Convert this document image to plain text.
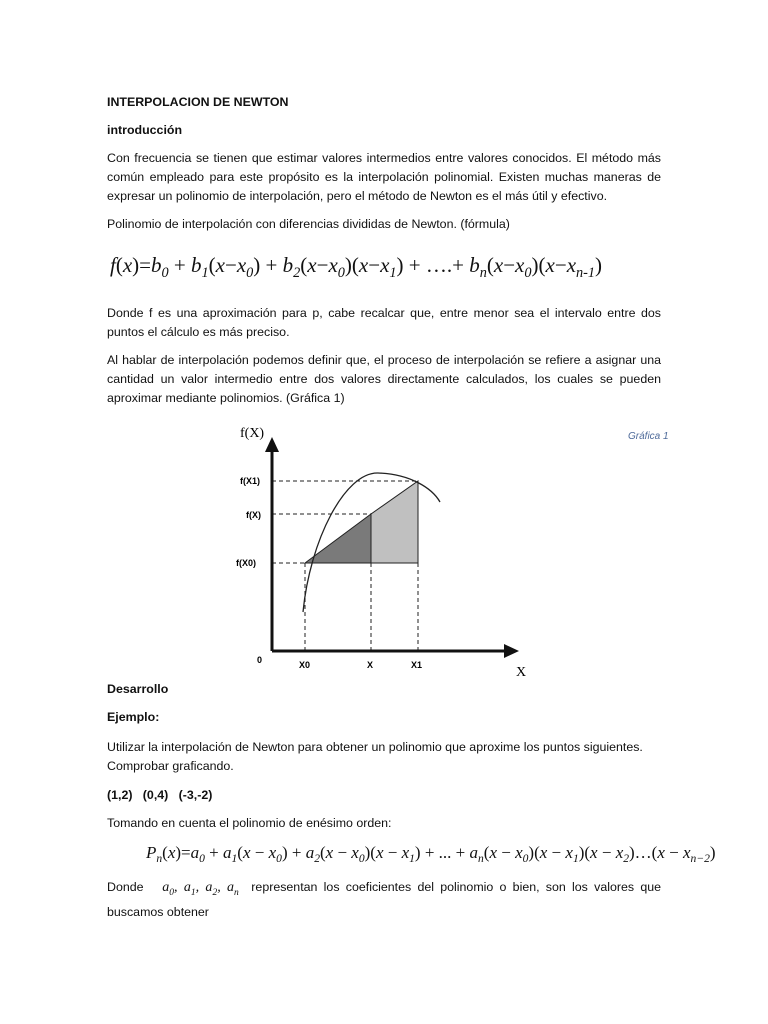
INTERPOLACION DE NEWTON

introducción

Con frecuencia se tienen que estimar valores intermedios entre valores conocidos. El método más común empleado para este propósito es la interpolación polinomial. Existen muchas maneras de expresar un polinomio de interpolación, pero el método de Newton es el más útil y efectivo.

Polinomio de interpolación con diferencias divididas de Newton. (fórmula)

$f(x)=b_0 + b_1(x-x_0) + b_2(x-x_0)(x-x_1)$ + ….+ $b_n(x-x_0)(x-x_{n-1})$

Donde f es una aproximación para p, cabe recalcar que, entre menor sea el intervalo entre dos puntos el cálculo es más preciso.

Al hablar de interpolación podemos definir que, el proceso de interpolación se refiere a asignar una cantidad un valor intermedio entre dos valores directamente calculados, los cuales se pueden aproximar mediante polinomios. (Gráfica 1)

f(X)
X
Gráfica 1
f(X1)
f(X)
f(X0)
0	X0	X	X1

Desarrollo

Ejemplo:

Utilizar la interpolación de Newton para obtener un polinomio que aproxime los puntos siguientes. Comprobar graficando.

(1,2)   (0,4)   (-3,-2)

Tomando en cuenta el polinomio de enésimo orden:

$P_n(x)=a_0 + a_1(x - x_0) + a_2(x - x_0)(x - x_1)$ + ... + $a_n(x - x_0)(x - x_1)(x$ − $x_2)\dots(x - x_{n-2})$

Donde $a_0$, $a_1$, $a_2$, $a_n$ representan los coeficientes del polinomio o bien, son los valores que buscamos obtener
